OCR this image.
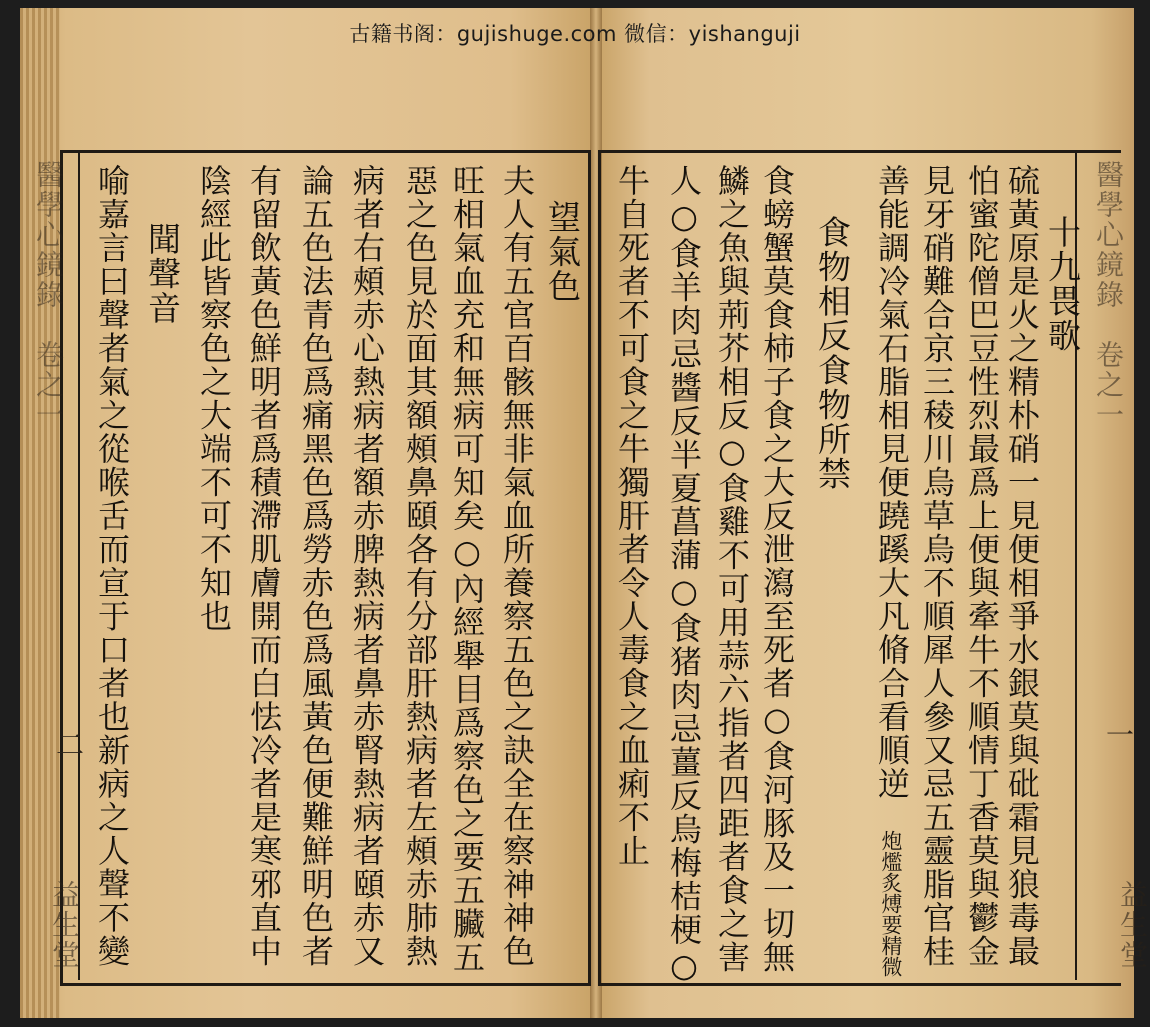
醫學心鏡錄　卷之一
一
益生堂
醫學心鏡錄　卷之一
二
益生堂
十九畏歌
硫黃原是火之精朴硝一見便相爭水銀莫與砒霜見狼毒最
怕蜜陀僧巴豆性烈最爲上便與牽牛不順情丁香莫與鬱金
見牙硝難合京三稜川烏草烏不順犀人參又忌五靈脂官桂
善能調冷氣石脂相見便蹺蹊大凡脩合看順逆
炮爁炙煿要精微
食物相反食物所禁
食螃蟹莫食柿子食之大反泄瀉至死者○食河豚及一切無
鱗之魚與荊芥相反○食雞不可用蒜六指者四距者食之害
人○食羊肉忌醬反半夏菖蒲○食猪肉忌薑反烏梅桔梗○
牛自死者不可食之牛獨肝者令人毒食之血痢不止
望氣色
夫人有五官百骸無非氣血所養察五色之訣全在察神神色
旺相氣血充和無病可知矣○內經舉目爲察色之要五臟五
惡之色見於面其額頰鼻頤各有分部肝熱病者左頰赤肺熱
病者右頰赤心熱病者額赤脾熱病者鼻赤腎熱病者頤赤又
論五色法青色爲痛黑色爲勞赤色爲風黃色便難鮮明色者
有留飲黃色鮮明者爲積滯肌膚開而白怯冷者是寒邪直中
陰經此皆察色之大端不可不知也
聞聲音
喻嘉言曰聲者氣之從喉舌而宣于口者也新病之人聲不變
古籍书阁：gujishuge.com 微信：yishanguji
